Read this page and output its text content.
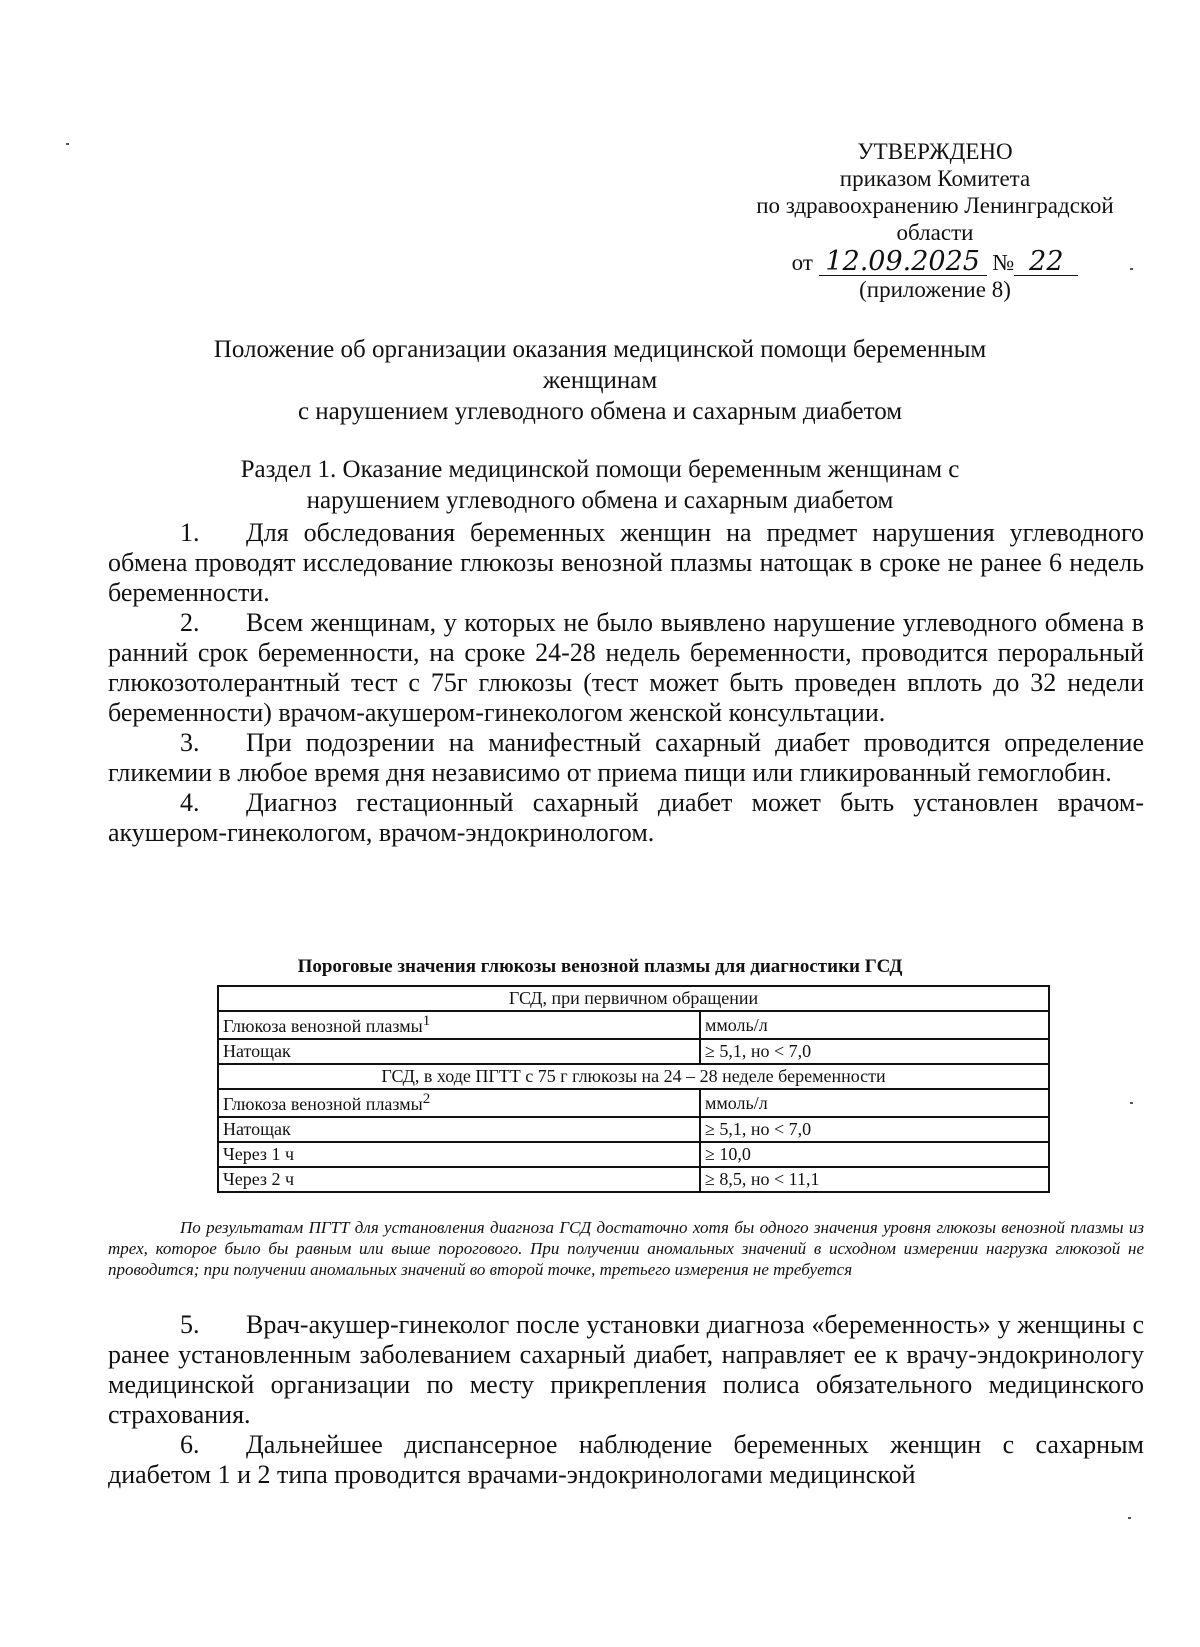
УТВЕРЖДЕНО
приказом Комитета
по здравоохранению Ленинградской
области
от 12.09.2025 № 22
(приложение 8)
Положение об организации оказания медицинской помощи беременным
женщинам
с нарушением углеводного обмена и сахарным диабетом
Раздел 1. Оказание медицинской помощи беременным женщинам с
нарушением углеводного обмена и сахарным диабетом

1. Для обследования беременных женщин на предмет нарушения углеводного обмена проводят исследование глюкозы венозной плазмы натощак в сроке не ранее 6 недель беременности.

2. Всем женщинам, у которых не было выявлено нарушение углеводного обмена в ранний срок беременности, на сроке 24-28 недель беременности, проводится пероральный глюкозотолерантный тест с 75г глюкозы (тест может быть проведен вплоть до 32 недели беременности) врачом-акушером-гинекологом женской консультации.

3. При подозрении на манифестный сахарный диабет проводится определение гликемии в любое время дня независимо от приема пищи или гликированный гемоглобин.

4. Диагноз гестационный сахарный диабет может быть установлен врачом-акушером-гинекологом, врачом-эндокринологом.

Пороговые значения глюкозы венозной плазмы для диагностики ГСД
ГСД, при первичном обращении	
Глюкоза венозной плазмы$^1$	ммоль/л
Натощак	≥ 5,1, но < 7,0
ГСД, в ходе ПГТТ с 75 г глюкозы на 24 – 28 неделе беременности	
Глюкоза венозной плазмы$^2$	ммоль/л
Натощак	≥ 5,1, но < 7,0
Через 1 ч	≥ 10,0
Через 2 ч	≥ 8,5, но < 11,1

По результатам ПГТТ для установления диагноза ГСД достаточно хотя бы одного значения уровня глюкозы венозной плазмы из трех, которое было бы равным или выше порогового. При получении аномальных значений в исходном измерении нагрузка глюкозой не проводится; при получении аномальных значений во второй точке, третьего измерения не требуется

5. Врач-акушер-гинеколог после установки диагноза «беременность» у женщины с ранее установленным заболеванием сахарный диабет, направляет ее к врачу-эндокринологу медицинской организации по месту прикрепления полиса обязательного медицинского страхования.

6. Дальнейшее диспансерное наблюдение беременных женщин с сахарным диабетом 1 и 2 типа проводится врачами-эндокринологами медицинской
